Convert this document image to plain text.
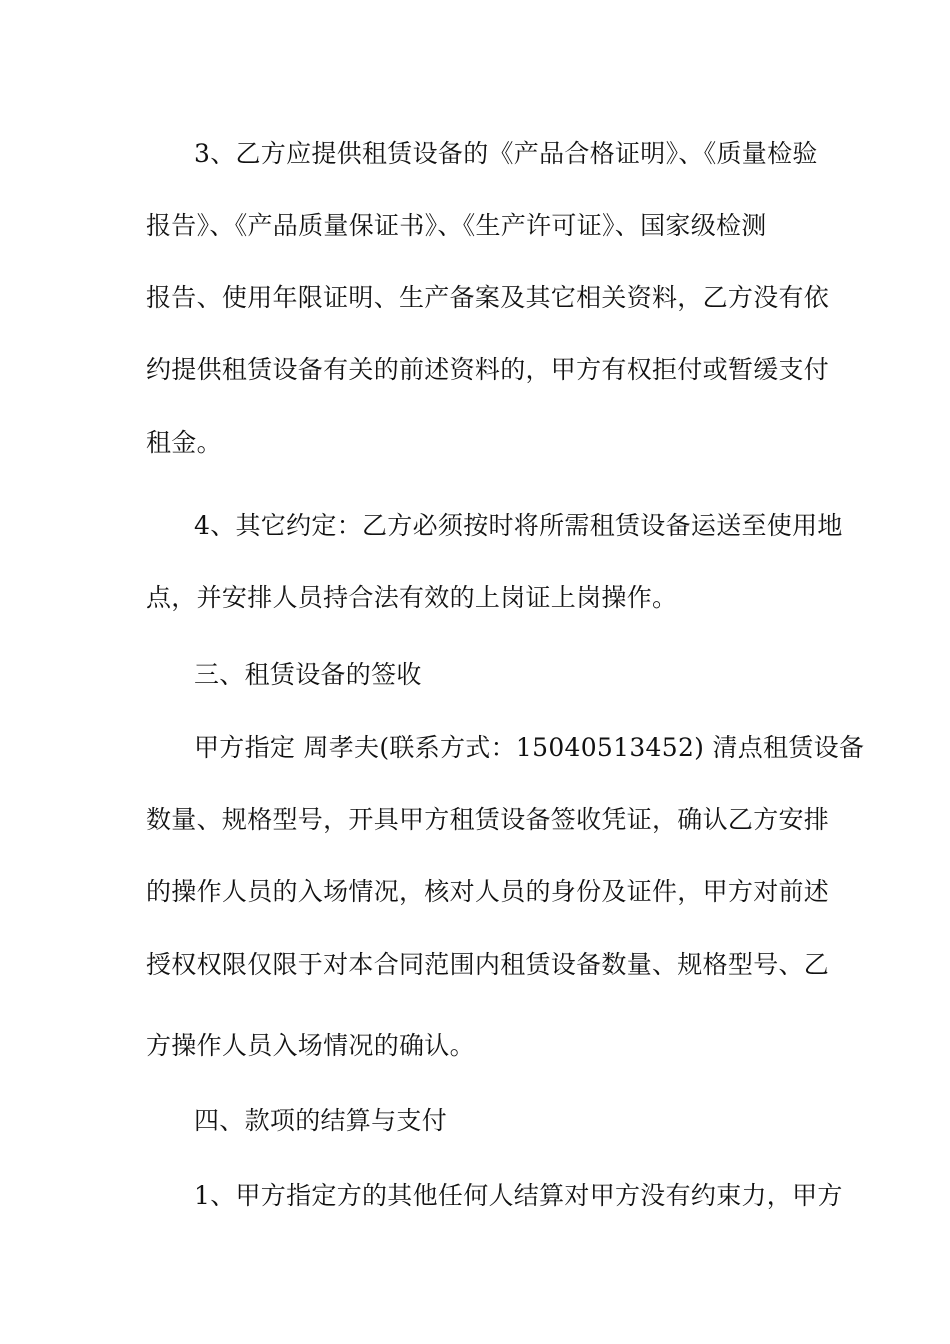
3、乙方应提供租赁设备的《产品合格证明》、《质量检验
报告》、《产品质量保证书》、《生产许可证》、国家级检测
报告、使用年限证明、生产备案及其它相关资料，乙方没有依
约提供租赁设备有关的前述资料的，甲方有权拒付或暂缓支付
租金。
4、其它约定：乙方必须按时将所需租赁设备运送至使用地
点，并安排人员持合法有效的上岗证上岗操作。
三、租赁设备的签收
甲方指定 周孝夫(联系方式：15040513452) 清点租赁设备
数量、规格型号，开具甲方租赁设备签收凭证，确认乙方安排
的操作人员的入场情况，核对人员的身份及证件，甲方对前述
授权权限仅限于对本合同范围内租赁设备数量、规格型号、乙
方操作人员入场情况的确认。
四、款项的结算与支付
1、甲方指定方的其他任何人结算对甲方没有约束力，甲方
